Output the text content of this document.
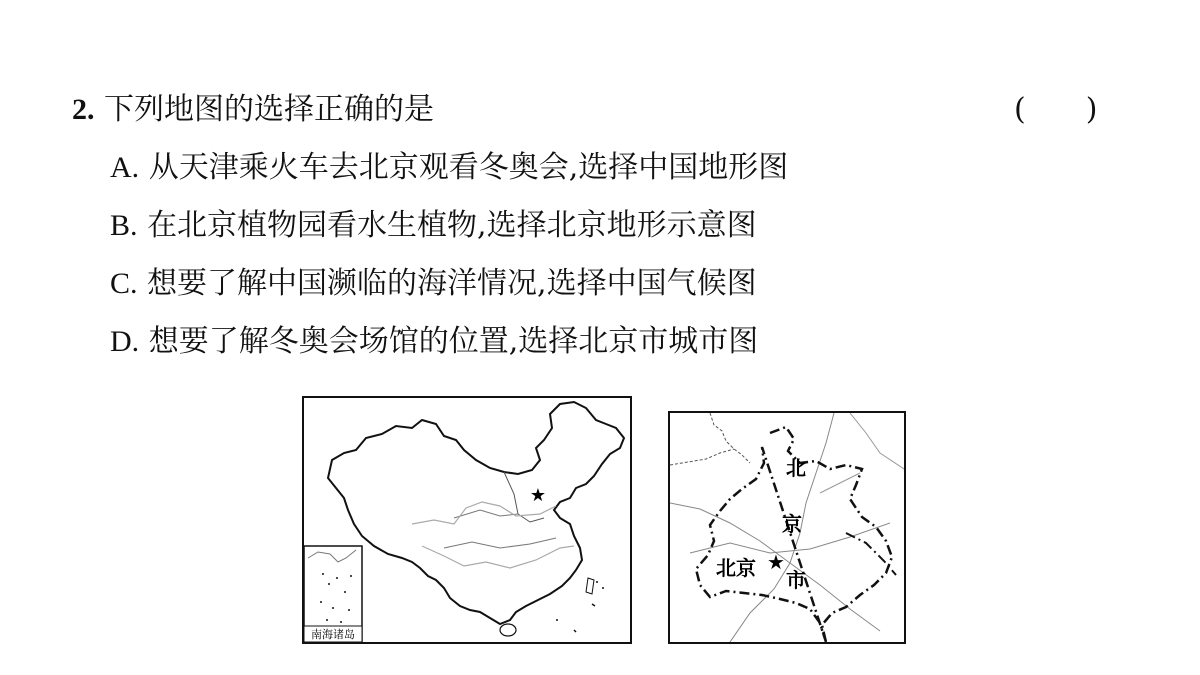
2. 下列地图的选择正确的是	(　　)
A. 从天津乘火车去北京观看冬奥会,选择中国地形图
B. 在北京植物园看水生植物,选择北京地形示意图
C. 想要了解中国濒临的海洋情况,选择中国气候图
D. 想要了解冬奥会场馆的位置,选择北京市城市图
★
南海诸岛
北
京
市
北京 ★
